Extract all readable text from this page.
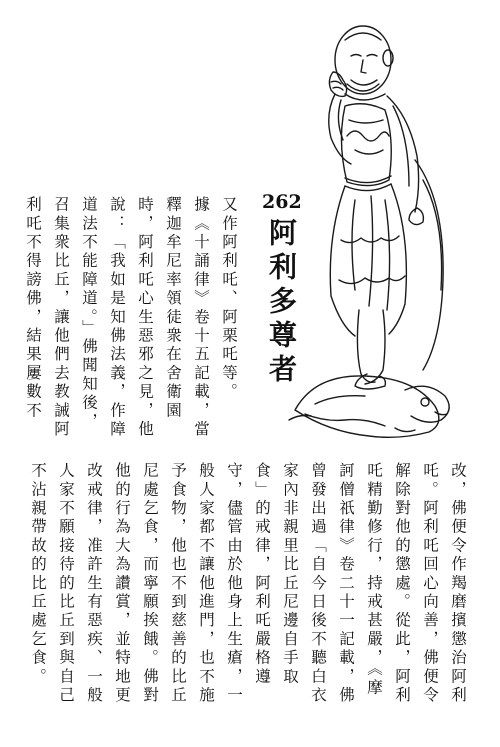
262
阿利多尊者
又作阿利吒、阿栗吒等。
據《十誦律》卷十五記載，當
釋迦牟尼率領徒衆在舍衛園
時，阿利吒心生惡邪之見，他
說：「我如是知佛法義，作障
道法不能障道。」佛聞知後，
召集衆比丘，讓他們去教誡阿
利吒不得謗佛，結果屢數不
改，佛便令作羯磨擯懲治阿利
吒。阿利吒回心向善，佛便令
解除對他的懲處。從此，阿利
吒精勤修行，持戒甚嚴，《摩
訶僧祇律》卷二十一記載，佛
曾發出過「自今日後不聽白衣
家內非親里比丘尼邊自手取
食」的戒律，阿利吒嚴格遵
守，儘管由於他身上生瘡，一
般人家都不讓他進門，也不施
予食物，他也不到慈善的比丘
尼處乞食，而寧願挨餓。佛對
他的行為大為讚賞，並特地更
改戒律，准許生有惡疾、一般
人家不願接待的比丘到與自己
不沾親帶故的比丘處乞食。
